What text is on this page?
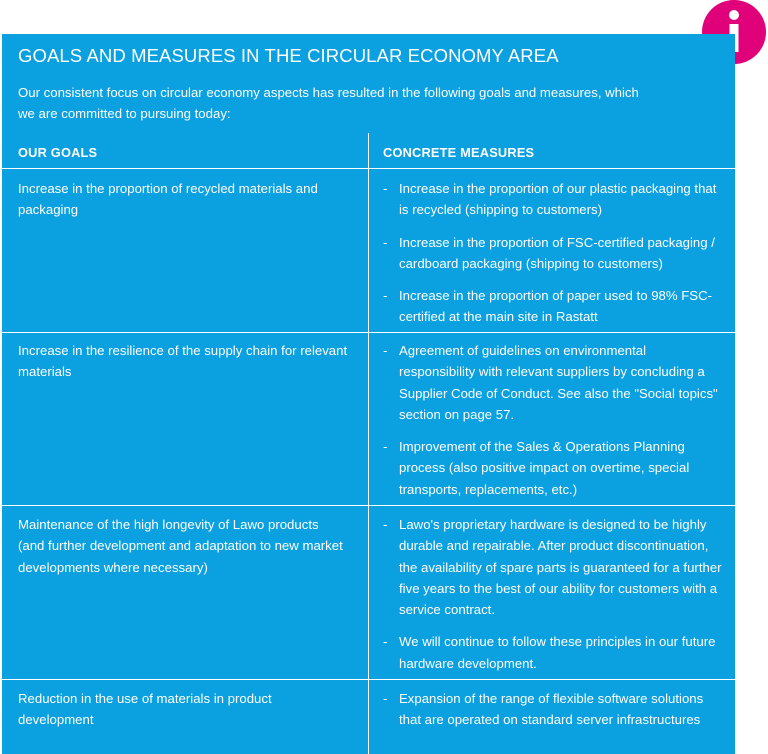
GOALS AND MEASURES IN THE CIRCULAR ECONOMY AREA
Our consistent focus on circular economy aspects has resulted in the following goals and measures, which we are committed to pursuing today:
OUR GOALS	CONCRETE MEASURES
Increase in the proportion of recycled materials and packaging
- Increase in the proportion of our plastic packaging that is recycled (shipping to customers)
- Increase in the proportion of FSC-certified packaging / cardboard packaging (shipping to customers)
- Increase in the proportion of paper used to 98% FSC-certified at the main site in Rastatt
Increase in the resilience of the supply chain for relevant materials
- Agreement of guidelines on environmental responsibility with relevant suppliers by concluding a Supplier Code of Conduct. See also the "Social topics" section on page 57.
- Improvement of the Sales & Operations Planning process (also positive impact on overtime, special transports, replacements, etc.)
Maintenance of the high longevity of Lawo products (and further development and adaptation to new market developments where necessary)
- Lawo's proprietary hardware is designed to be highly durable and repairable. After product discontinuation, the availability of spare parts is guaranteed for a further five years to the best of our ability for customers with a service contract.
- We will continue to follow these principles in our future hardware development.
Reduction in the use of materials in product development
- Expansion of the range of flexible software solutions that are operated on standard server infrastructures
